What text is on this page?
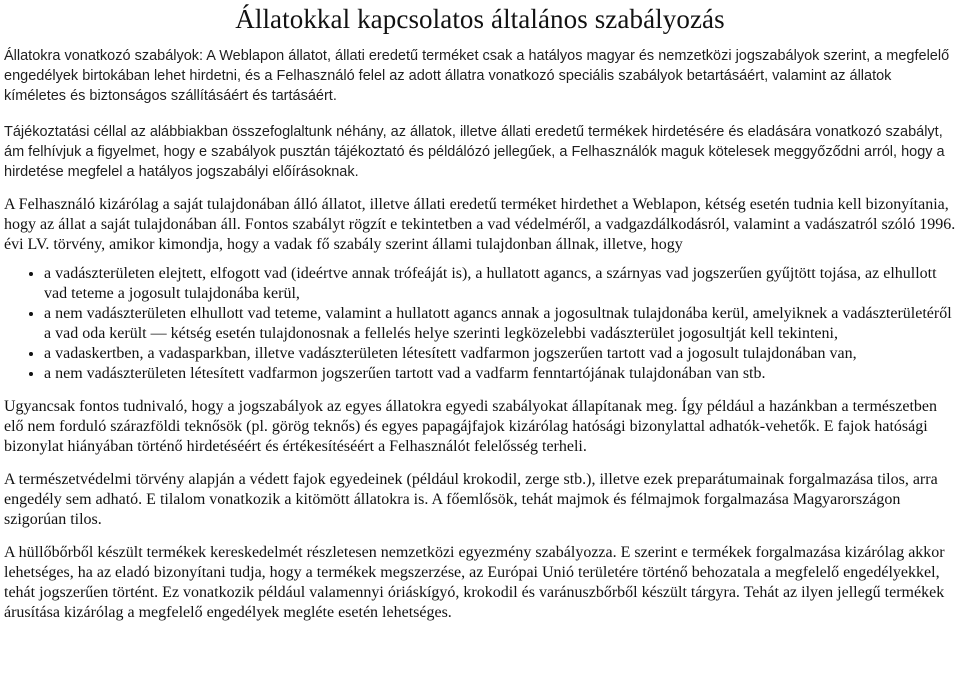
Állatokkal kapcsolatos általános szabályozás

Állatokra vonatkozó szabályok: A Weblapon állatot, állati eredetű terméket csak a hatályos magyar és nemzetközi jogszabályok szerint, a megfelelő engedélyek birtokában lehet hirdetni, és a Felhasználó felel az adott állatra vonatkozó speciális szabályok betartásáért, valamint az állatok kíméletes és biztonságos szállításáért és tartásáért.

Tájékoztatási céllal az alábbiakban összefoglaltunk néhány, az állatok, illetve állati eredetű termékek hirdetésére és eladására vonatkozó szabályt, ám felhívjuk a figyelmet, hogy e szabályok pusztán tájékoztató és példálózó jellegűek, a Felhasználók maguk kötelesek meggyőződni arról, hogy a hirdetése megfelel a hatályos jogszabályi előírásoknak.

A Felhasználó kizárólag a saját tulajdonában álló állatot, illetve állati eredetű terméket hirdethet a Weblapon, kétség esetén tudnia kell bizonyítania, hogy az állat a saját tulajdonában áll. Fontos szabályt rögzít e tekintetben a vad védelméről, a vadgazdálkodásról, valamint a vadászatról szóló 1996. évi LV. törvény, amikor kimondja, hogy a vadak fő szabály szerint állami tulajdonban állnak, illetve, hogy

• a vadászterületen elejtett, elfogott vad (ideértve annak trófeáját is), a hullatott agancs, a szárnyas vad jogszerűen gyűjtött tojása, az elhullott vad teteme a jogosult tulajdonába kerül,
• a nem vadászterületen elhullott vad teteme, valamint a hullatott agancs annak a jogosultnak tulajdonába kerül, amelyiknek a vadászterületéről a vad oda került — kétség esetén tulajdonosnak a fellelés helye szerinti legközelebbi vadászterület jogosultját kell tekinteni,
• a vadaskertben, a vadasparkban, illetve vadászterületen létesített vadfarmon jogszerűen tartott vad a jogosult tulajdonában van,
• a nem vadászterületen létesített vadfarmon jogszerűen tartott vad a vadfarm fenntartójának tulajdonában van stb.

Ugyancsak fontos tudnivaló, hogy a jogszabályok az egyes állatokra egyedi szabályokat állapítanak meg. Így például a hazánkban a természetben elő nem forduló szárazföldi teknősök (pl. görög teknős) és egyes papagájfajok kizárólag hatósági bizonylattal adhatók-vehetők. E fajok hatósági bizonylat hiányában történő hirdetéséért és értékesítéséért a Felhasználót felelősség terheli.

A természetvédelmi törvény alapján a védett fajok egyedeinek (például krokodil, zerge stb.), illetve ezek preparátumainak forgalmazása tilos, arra engedély sem adható. E tilalom vonatkozik a kitömött állatokra is. A főemlősök, tehát majmok és félmajmok forgalmazása Magyarországon szigorúan tilos.

A hüllőbőrből készült termékek kereskedelmét részletesen nemzetközi egyezmény szabályozza. E szerint e termékek forgalmazása kizárólag akkor lehetséges, ha az eladó bizonyítani tudja, hogy a termékek megszerzése, az Európai Unió területére történő behozatala a megfelelő engedélyekkel, tehát jogszerűen történt. Ez vonatkozik például valamennyi óriáskígyó, krokodil és varánuszbőrből készült tárgyra. Tehát az ilyen jellegű termékek árusítása kizárólag a megfelelő engedélyek megléte esetén lehetséges.
